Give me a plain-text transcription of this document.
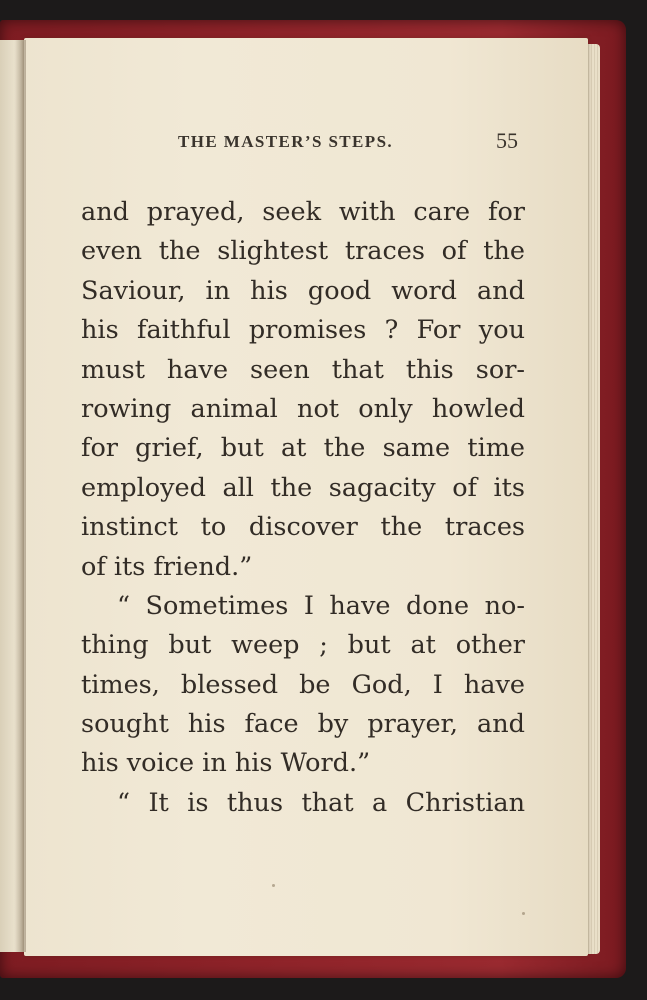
THE MASTER’S STEPS.	55
and prayed, seek with care for
even the slightest traces of the
Saviour, in his good word and
his faithful promises ? For you
must have seen that this sor-
rowing animal not only howled
for grief, but at the same time
employed all the sagacity of its
instinct to discover the traces
of its friend.”
“ Sometimes I have done no-
thing but weep ; but at other
times, blessed be God, I have
sought his face by prayer, and
his voice in his Word.”
“ It is thus that a Christian
